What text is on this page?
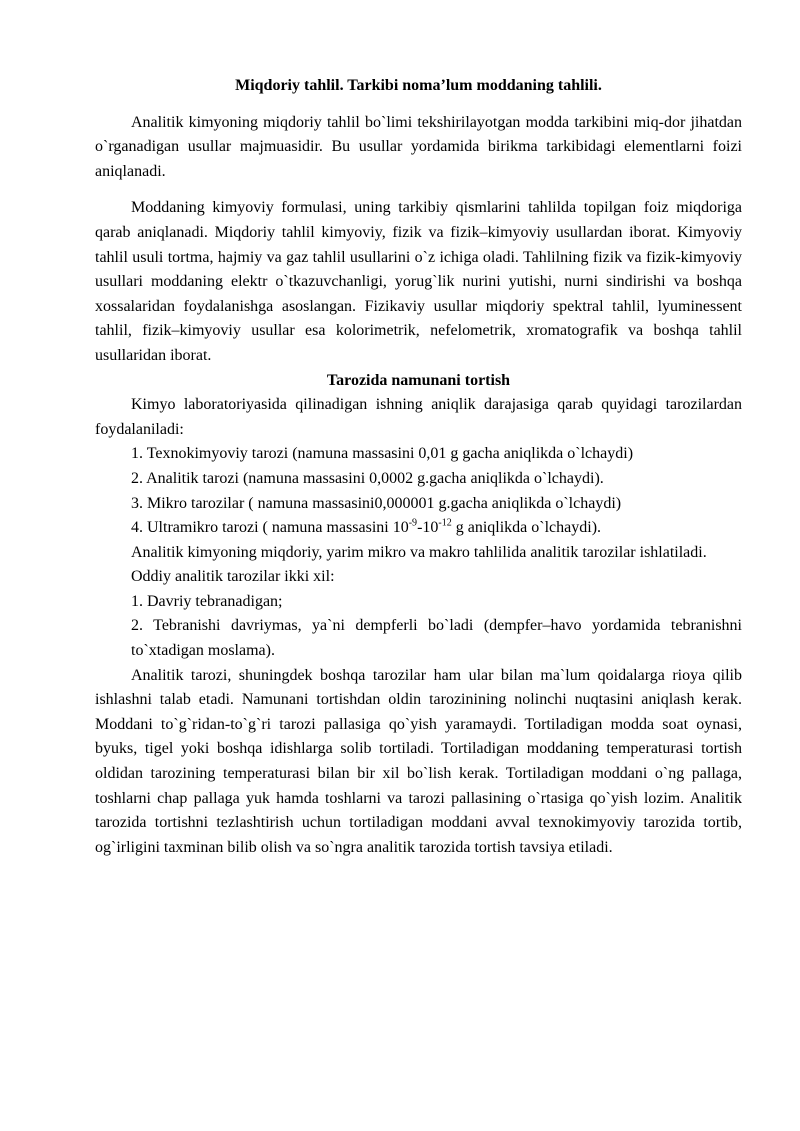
Miqdoriy tahlil. Tarkibi noma’lum moddaning tahlili.

Analitik kimyoning miqdoriy tahlil bo`limi tekshirilayotgan modda tarkibini miq-dor jihatdan o`rganadigan usullar majmuasidir. Bu usullar yordamida birikma tarkibidagi elementlarni foizi aniqlanadi.

Moddaning kimyoviy formulasi, uning tarkibiy qismlarini tahlilda topilgan foiz miqdoriga qarab aniqlanadi. Miqdoriy tahlil kimyoviy, fizik va fizik–kimyoviy usullardan iborat. Kimyoviy tahlil usuli tortma, hajmiy va gaz tahlil usullarini o`z ichiga oladi. Tahlilning fizik va fizik-kimyoviy usullari moddaning elektr o`tkazuvchanligi, yorug`lik nurini yutishi, nurni sindirishi va boshqa xossalaridan foydalanishga asoslangan. Fizikaviy usullar miqdoriy spektral tahlil, lyuminessent tahlil, fizik–kimyoviy usullar esa kolorimetrik, nefelometrik, xromatografik va boshqa tahlil usullaridan iborat.

Tarozida namunani tortish

Kimyo laboratoriyasida qilinadigan ishning aniqlik darajasiga qarab quyidagi tarozilardan foydalaniladi:

1. Texnokimyoviy tarozi (namuna massasini 0,01 g gacha aniqlikda o`lchaydi)

2. Analitik tarozi (namuna massasini 0,0002 g.gacha aniqlikda o`lchaydi).

3. Mikro tarozilar ( namuna massasini0,000001 g.gacha aniqlikda o`lchaydi)

4. Ultramikro tarozi ( namuna massasini $10^{-9}-10^{-12}$ g aniqlikda o`lchaydi).

Analitik kimyoning miqdoriy, yarim mikro va makro tahlilida analitik tarozilar ishlatiladi.

Oddiy analitik tarozilar ikki xil:

1. Davriy tebranadigan;

2. Tebranishi davriymas, ya`ni dempferli bo`ladi (dempfer–havo yordamida tebranishni to`xtadigan moslama).

Analitik tarozi, shuningdek boshqa tarozilar ham ular bilan ma`lum qoidalarga rioya qilib ishlashni talab etadi. Namunani tortishdan oldin tarozinining nolinchi nuqtasini aniqlash kerak. Moddani to`g`ridan-to`g`ri tarozi pallasiga qo`yish yaramaydi. Tortiladigan modda soat oynasi, byuks, tigel yoki boshqa idishlarga solib tortiladi. Tortiladigan moddaning temperaturasi tortish oldidan tarozining temperaturasi bilan bir xil bo`lish kerak. Tortiladigan moddani o`ng pallaga, toshlarni chap pallaga yuk hamda toshlarni va tarozi pallasining o`rtasiga qo`yish lozim. Analitik tarozida tortishni tezlashtirish uchun tortiladigan moddani avval texnokimyoviy tarozida tortib, og`irligini taxminan bilib olish va so`ngra analitik tarozida tortish tavsiya etiladi.
